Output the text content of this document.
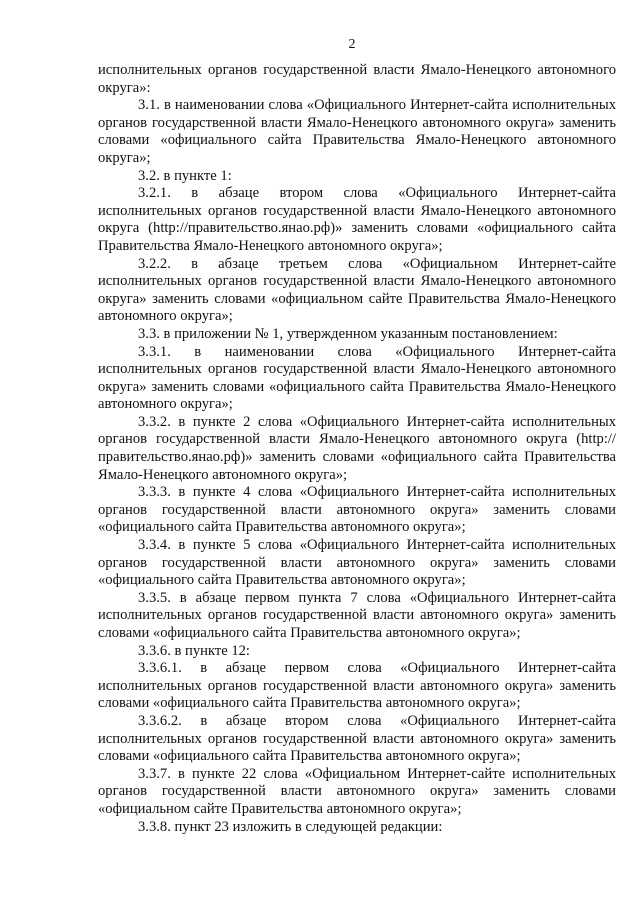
2

исполнительных органов государственной власти Ямало-Ненецкого автономного округа»:

3.1. в наименовании слова «Официального Интернет-сайта исполнительных органов государственной власти Ямало-Ненецкого автономного округа» заменить словами «официального сайта Правительства Ямало-Ненецкого автономного округа»;

3.2. в пункте 1:

3.2.1. в абзаце втором слова «Официального Интернет-сайта исполнительных органов государственной власти Ямало-Ненецкого автономного округа (http://правительство.янао.рф)» заменить словами «официального сайта Правительства Ямало-Ненецкого автономного округа»;

3.2.2. в абзаце третьем слова «Официальном Интернет-сайте исполнительных органов государственной власти Ямало-Ненецкого автономного округа» заменить словами «официальном сайте Правительства Ямало-Ненецкого автономного округа»;

3.3. в приложении № 1, утвержденном указанным постановлением:

3.3.1. в наименовании слова «Официального Интернет-сайта исполнительных органов государственной власти Ямало-Ненецкого автономного округа» заменить словами «официального сайта Правительства Ямало-Ненецкого автономного округа»;

3.3.2. в пункте 2 слова «Официального Интернет-сайта исполнительных органов государственной власти Ямало-Ненецкого автономного округа (http://правительство.янао.рф)» заменить словами «официального сайта Правительства Ямало-Ненецкого автономного округа»;

3.3.3. в пункте 4 слова «Официального Интернет-сайта исполнительных органов государственной власти автономного округа» заменить словами «официального сайта Правительства автономного округа»;

3.3.4. в пункте 5 слова «Официального Интернет-сайта исполнительных органов государственной власти автономного округа» заменить словами «официального сайта Правительства автономного округа»;

3.3.5. в абзаце первом пункта 7 слова «Официального Интернет-сайта исполнительных органов государственной власти автономного округа» заменить словами «официального сайта Правительства автономного округа»;

3.3.6. в пункте 12:

3.3.6.1. в абзаце первом слова «Официального Интернет-сайта исполнительных органов государственной власти автономного округа» заменить словами «официального сайта Правительства автономного округа»;

3.3.6.2. в абзаце втором слова «Официального Интернет-сайта исполнительных органов государственной власти автономного округа» заменить словами «официального сайта Правительства автономного округа»;

3.3.7. в пункте 22 слова «Официальном Интернет-сайте исполнительных органов государственной власти автономного округа» заменить словами «официальном сайте Правительства автономного округа»;

3.3.8. пункт 23 изложить в следующей редакции:
